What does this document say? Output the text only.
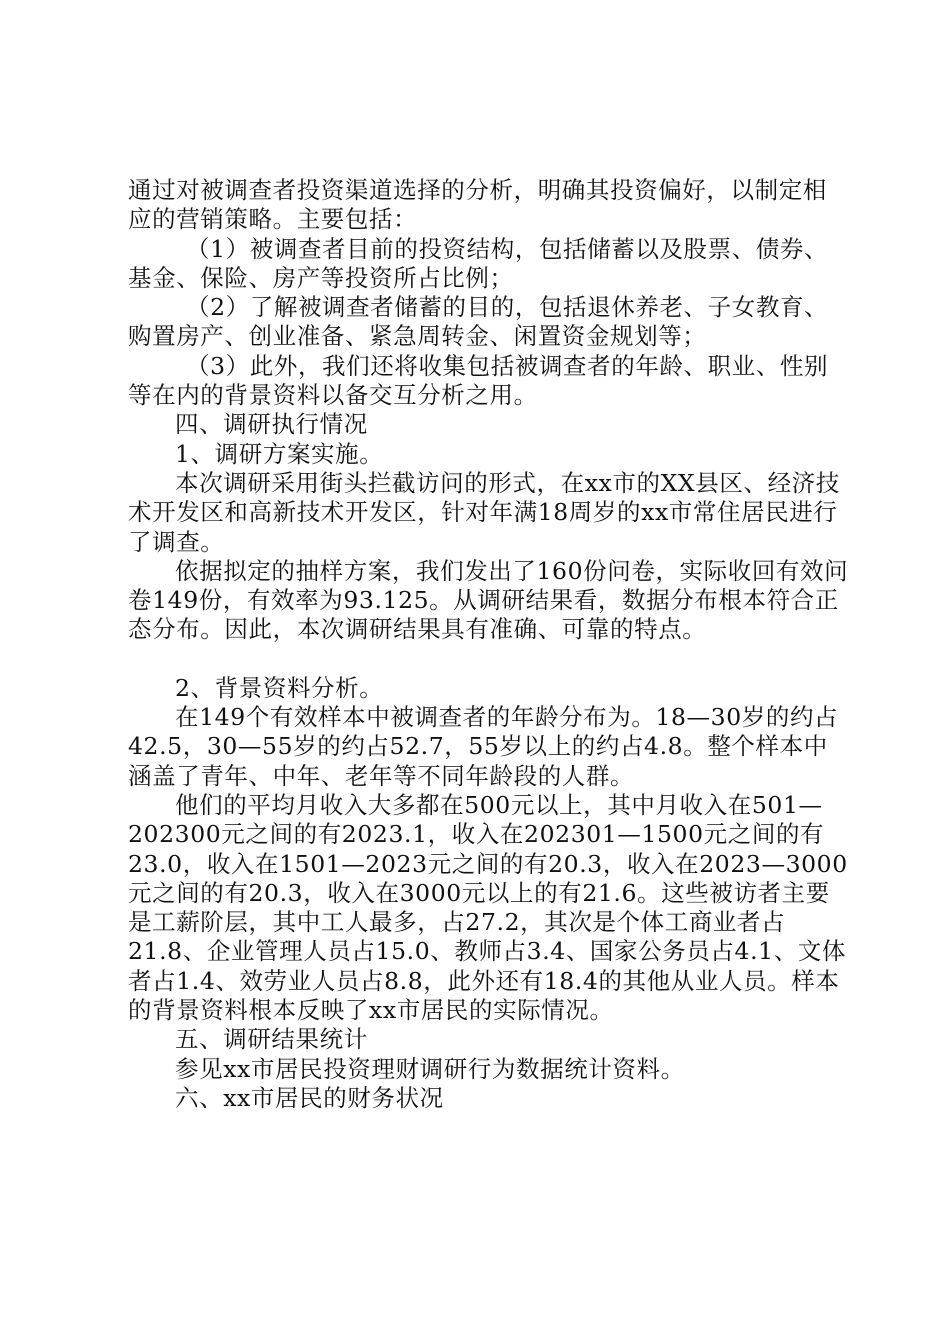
通过对被调查者投资渠道选择的分析，明确其投资偏好，以制定相应的营销策略。主要包括：

（1）被调查者目前的投资结构，包括储蓄以及股票、债券、基金、保险、房产等投资所占比例；

（2）了解被调查者储蓄的目的，包括退休养老、子女教育、购置房产、创业准备、紧急周转金、闲置资金规划等；

（3）此外，我们还将收集包括被调查者的年龄、职业、性别等在内的背景资料以备交互分析之用。

四、调研执行情况

1、调研方案实施。

本次调研采用街头拦截访问的形式，在xx市的XX县区、经济技术开发区和高新技术开发区，针对年满18周岁的xx市常住居民进行了调查。

依据拟定的抽样方案，我们发出了160份问卷，实际收回有效问卷149份，有效率为93.125。从调研结果看，数据分布根本符合正态分布。因此，本次调研结果具有准确、可靠的特点。

2、背景资料分析。

在149个有效样本中被调查者的年龄分布为。18—30岁的约占42.5，30—55岁的约占52.7，55岁以上的约占4.8。整个样本中涵盖了青年、中年、老年等不同年龄段的人群。

他们的平均月收入大多都在500元以上，其中月收入在501—202300元之间的有2023.1，收入在202301—1500元之间的有23.0，收入在1501—2023元之间的有20.3，收入在2023—3000元之间的有20.3，收入在3000元以上的有21.6。这些被访者主要是工薪阶层，其中工人最多，占27.2，其次是个体工商业者占21.8、企业管理人员占15.0、教师占3.4、国家公务员占4.1、文体者占1.4、效劳业人员占8.8，此外还有18.4的其他从业人员。样本的背景资料根本反映了xx市居民的实际情况。

五、调研结果统计

参见xx市居民投资理财调研行为数据统计资料。

六、xx市居民的财务状况
